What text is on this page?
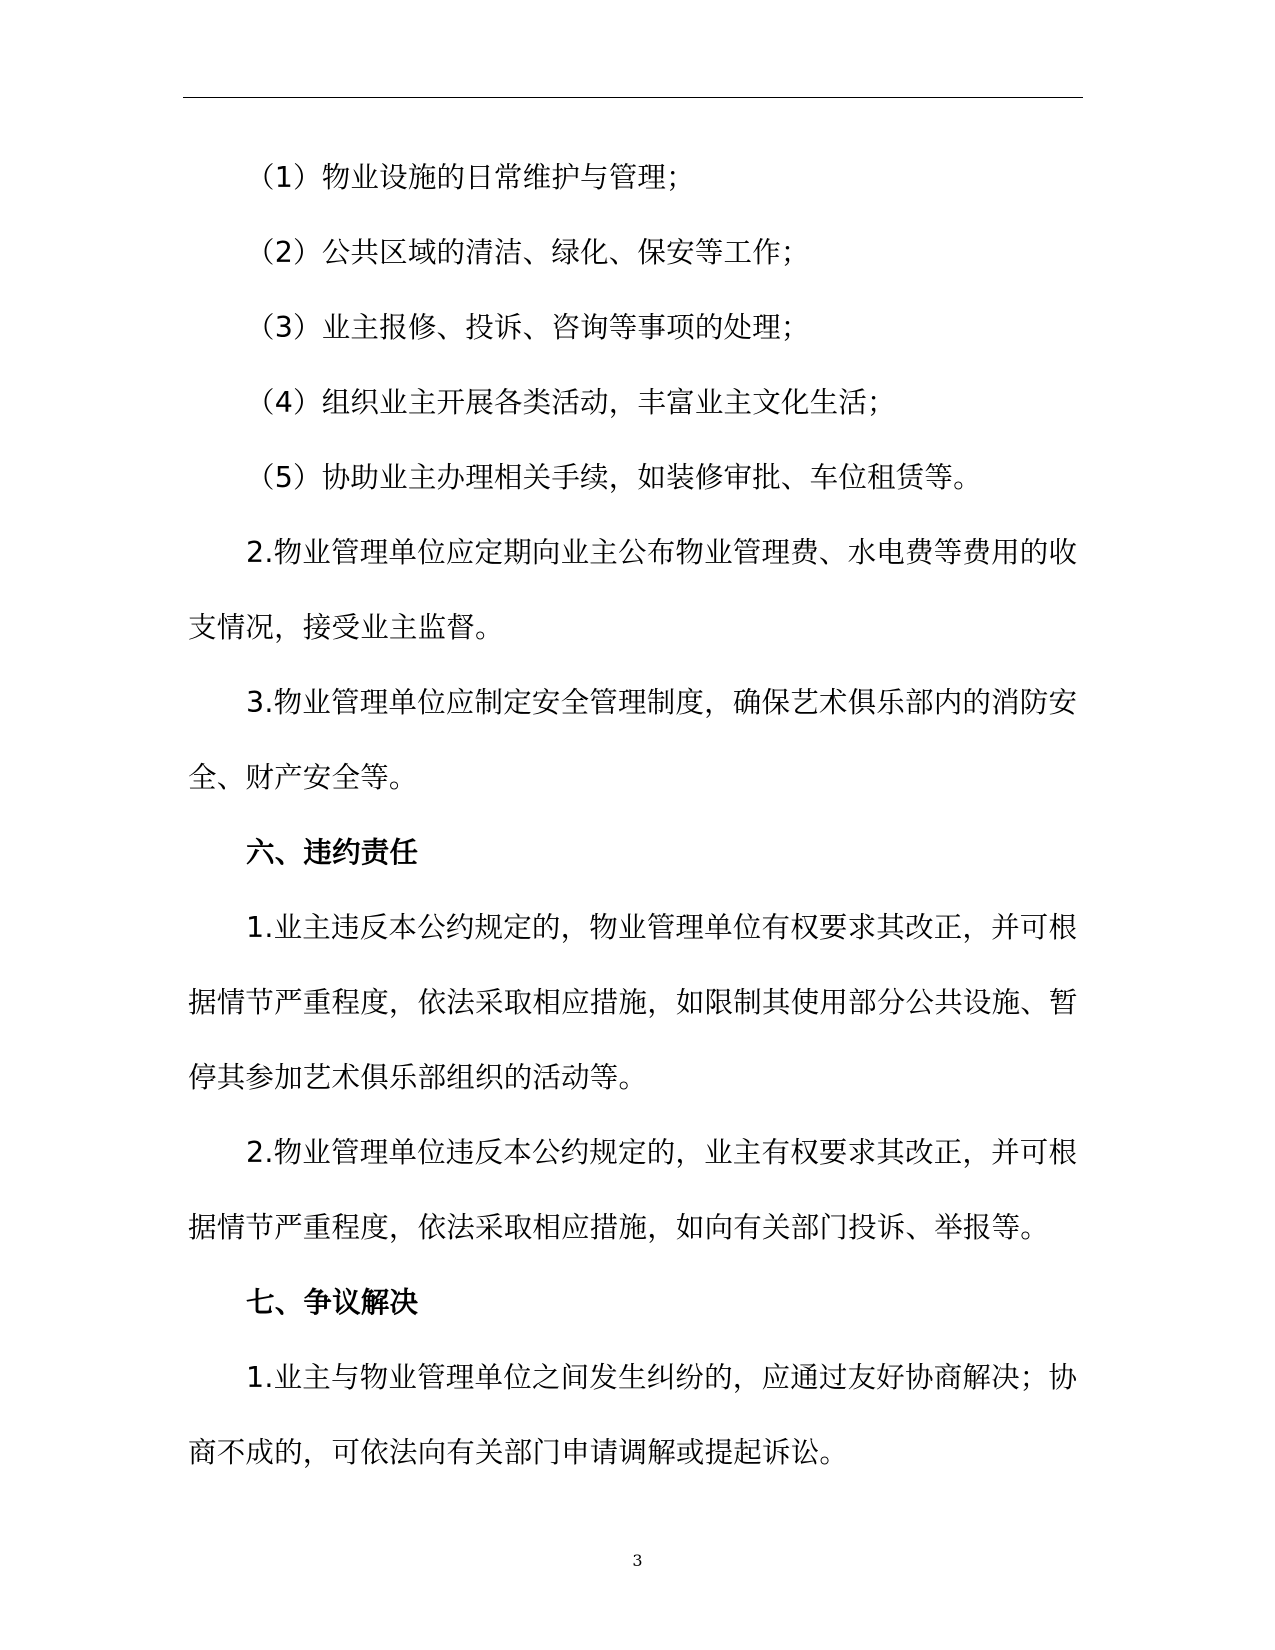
（1）物业设施的日常维护与管理；

（2）公共区域的清洁、绿化、保安等工作；

（3）业主报修、投诉、咨询等事项的处理；

（4）组织业主开展各类活动，丰富业主文化生活；

（5）协助业主办理相关手续，如装修审批、车位租赁等。

2.物业管理单位应定期向业主公布物业管理费、水电费等费用的收支情况，接受业主监督。

3.物业管理单位应制定安全管理制度，确保艺术俱乐部内的消防安全、财产安全等。

六、违约责任

1.业主违反本公约规定的，物业管理单位有权要求其改正，并可根据情节严重程度，依法采取相应措施，如限制其使用部分公共设施、暂停其参加艺术俱乐部组织的活动等。

2.物业管理单位违反本公约规定的，业主有权要求其改正，并可根据情节严重程度，依法采取相应措施，如向有关部门投诉、举报等。

七、争议解决

1.业主与物业管理单位之间发生纠纷的，应通过友好协商解决；协商不成的，可依法向有关部门申请调解或提起诉讼。

3
